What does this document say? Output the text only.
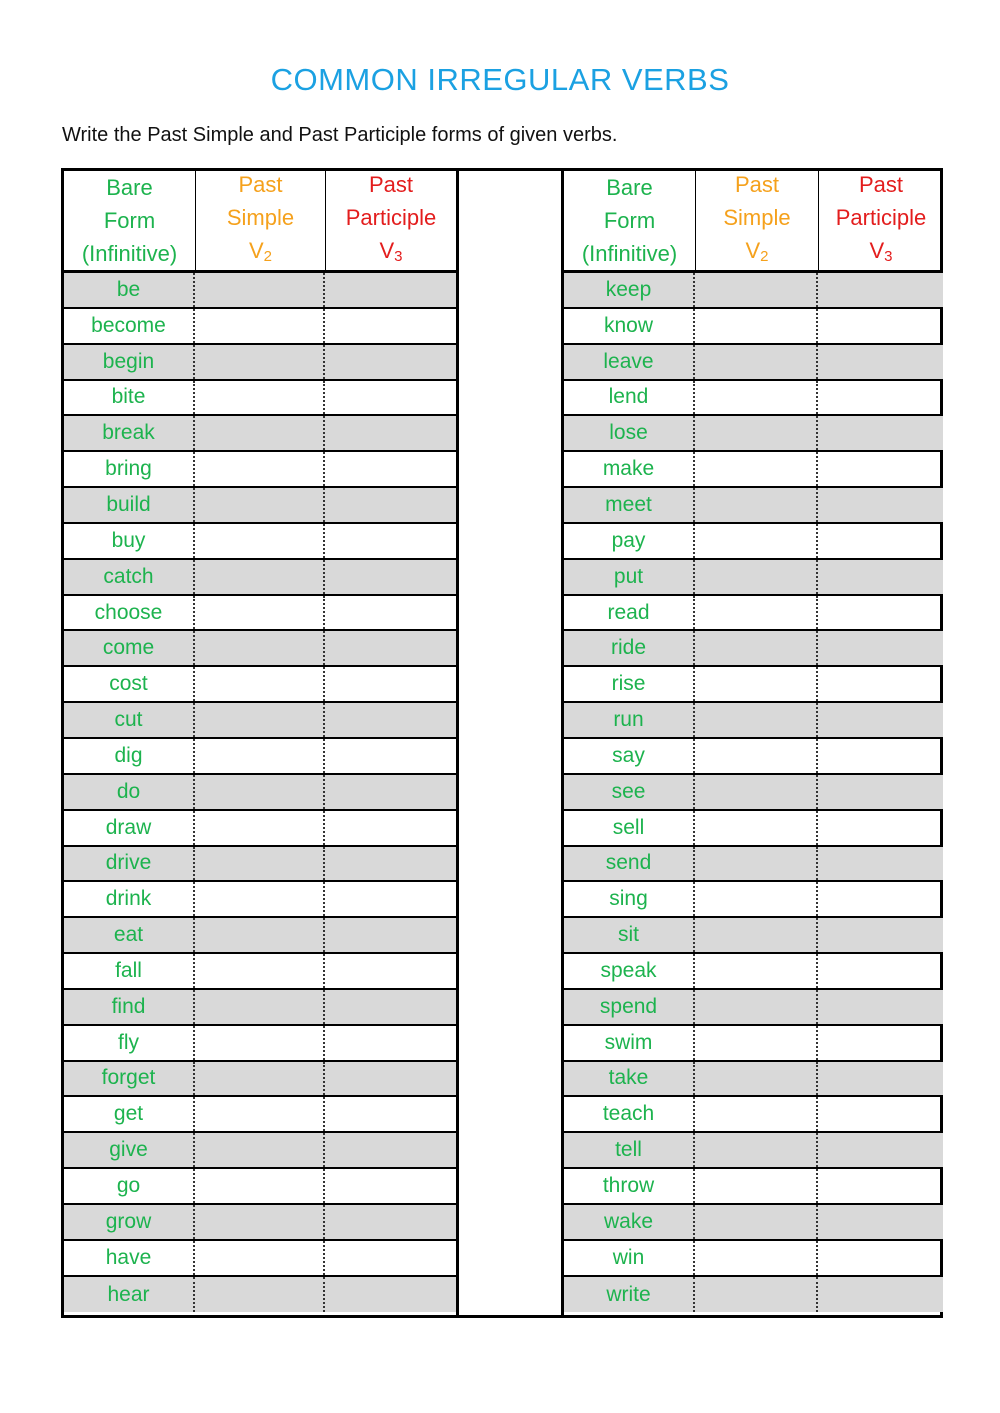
COMMON IRREGULAR VERBS

Write the Past Simple and Past Participle forms of given verbs.

Bare
Form
(Infinitive)
Past
Simple
$V_2$
Past
Participle
$V_3$
be
become
begin
bite
break
bring
build
buy
catch
choose
come
cost
cut
dig
do
draw
drive
drink
eat
fall
find
fly
forget
get
give
go
grow
have
hear
Bare
Form
(Infinitive)
Past
Simple
$V_2$
Past
Participle
$V_3$
keep
know
leave
lend
lose
make
meet
pay
put
read
ride
rise
run
say
see
sell
send
sing
sit
speak
spend
swim
take
teach
tell
throw
wake
win
write
